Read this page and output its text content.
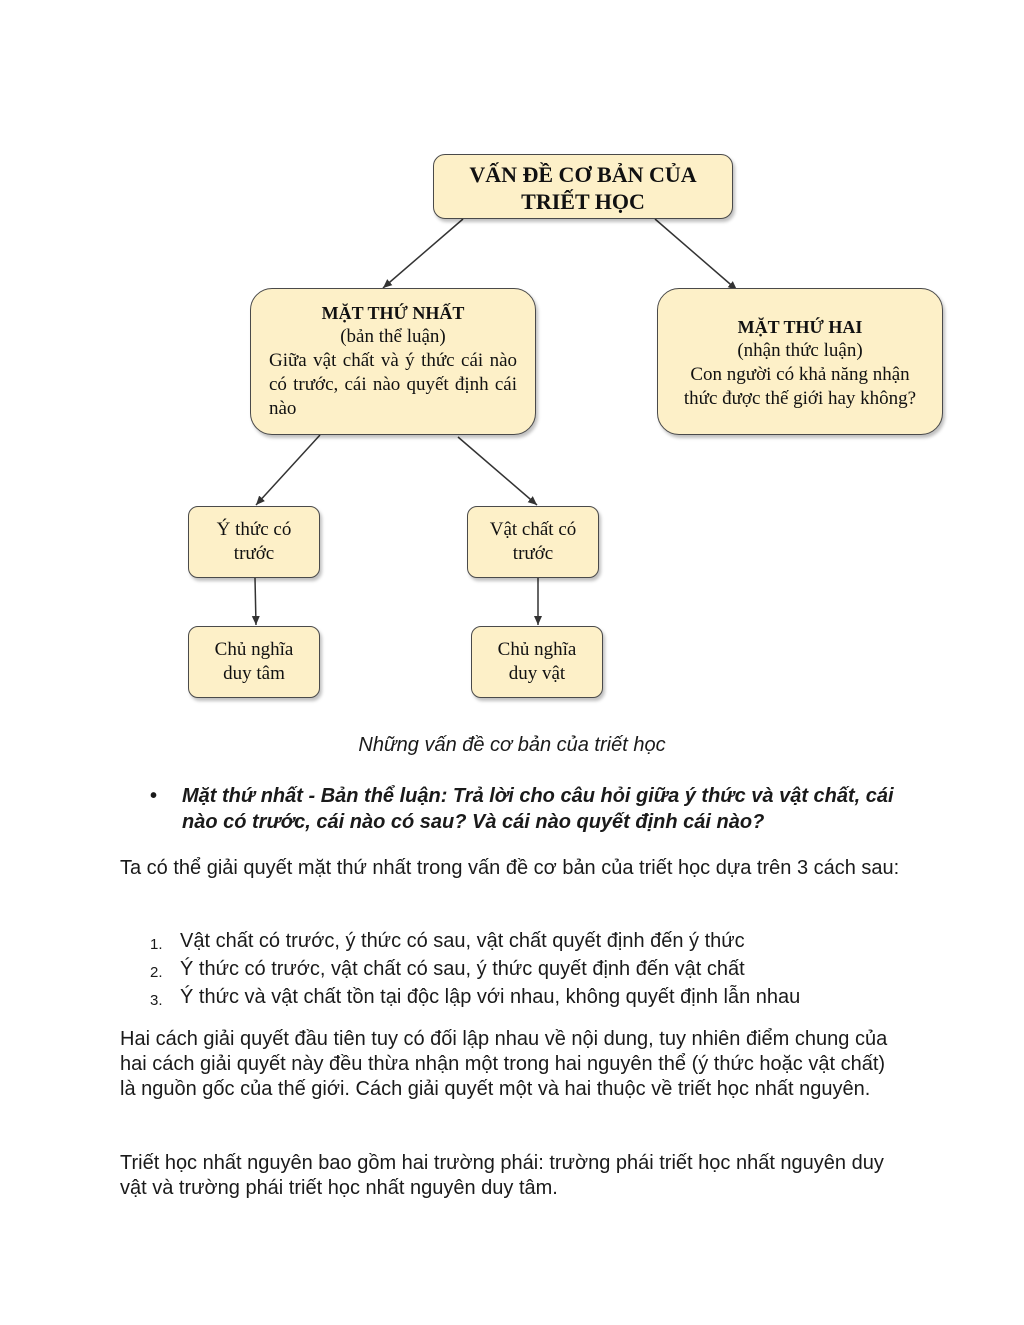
VẤN ĐỀ CƠ BẢN CỦA
TRIẾT HỌC
MẶT THỨ NHẤT
(bản thể luận)
Giữa vật chất và ý thức cái nào có trước, cái nào quyết định cái nào
MẶT THỨ HAI
(nhận thức luận)
Con người có khả năng nhận
thức được thế giới hay không?
Ý thức có
trước
Vật chất có
trước
Chủ nghĩa
duy tâm
Chủ nghĩa
duy vật
Những vấn đề cơ bản của triết học
• Mặt thứ nhất - Bản thể luận: Trả lời cho câu hỏi giữa ý thức và vật chất, cái nào có trước, cái nào có sau? Và cái nào quyết định cái nào?
Ta có thể giải quyết mặt thứ nhất trong vấn đề cơ bản của triết học dựa trên 3 cách sau:
1. Vật chất có trước, ý thức có sau, vật chất quyết định đến ý thức
2. Ý thức có trước, vật chất có sau, ý thức quyết định đến vật chất
3. Ý thức và vật chất tồn tại độc lập với nhau, không quyết định lẫn nhau
Hai cách giải quyết đầu tiên tuy có đối lập nhau về nội dung, tuy nhiên điểm chung của hai cách giải quyết này đều thừa nhận một trong hai nguyên thể (ý thức hoặc vật chất) là nguồn gốc của thế giới. Cách giải quyết một và hai thuộc về triết học nhất nguyên.
Triết học nhất nguyên bao gồm hai trường phái: trường phái triết học nhất nguyên duy vật và trường phái triết học nhất nguyên duy tâm.
